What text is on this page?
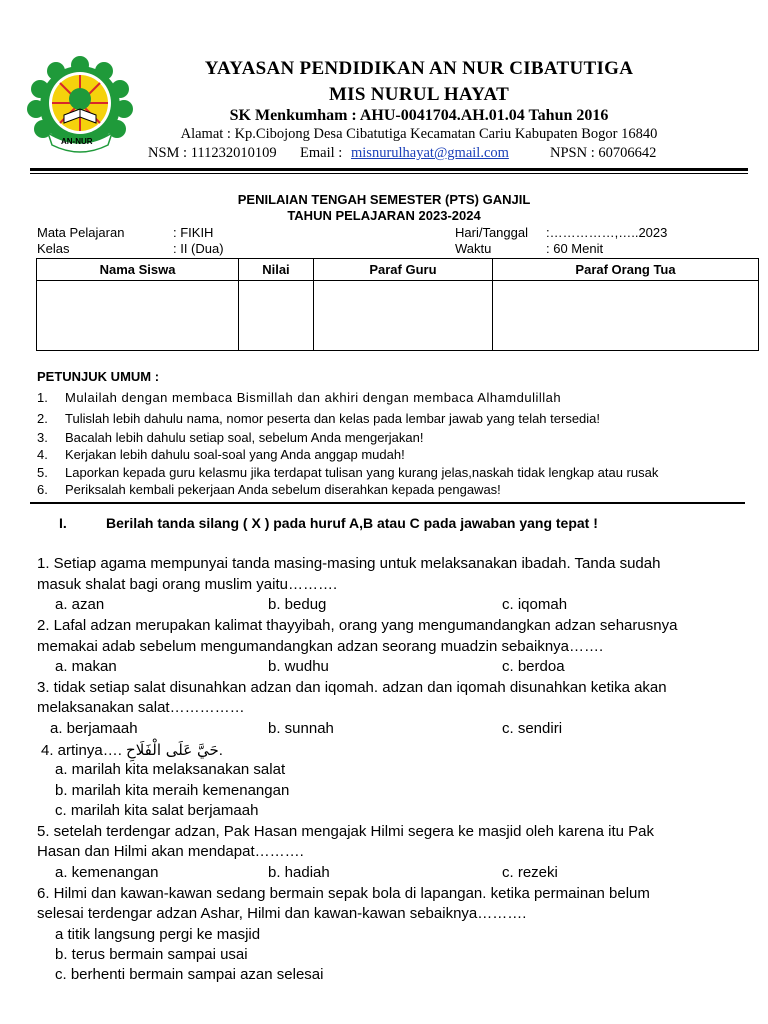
AN-NUR
YAYASAN PENDIDIKAN AN NUR CIBATUTIGA
MIS NURUL HAYAT
SK Menkumham : AHU-0041704.AH.01.04 Tahun 2016
Alamat : Kp.Cibojong Desa Cibatutiga Kecamatan Cariu Kabupaten Bogor 16840
NSM : 111232010109 Email : misnurulhayat@gmail.com	NPSN : 60706642
PENILAIAN TENGAH SEMESTER (PTS) GANJIL
TAHUN PELAJARAN 2023-2024
Mata Pelajaran	: FIKIH	Hari/Tanggal :……………,…..2023
Kelas	: II (Dua)	Waktu	: 60 Menit
Nama Siswa	Nilai	Paraf Guru	Paraf Orang Tua

PETUNJUK UMUM :
1. Mulailah dengan membaca Bismillah dan akhiri dengan membaca Alhamdulillah
2. Tulislah lebih dahulu nama, nomor peserta dan kelas pada lembar jawab yang telah tersedia!
3. Bacalah lebih dahulu setiap soal, sebelum Anda mengerjakan!
4. Kerjakan lebih dahulu soal-soal yang Anda anggap mudah!
5. Laporkan kepada guru kelasmu jika terdapat tulisan yang kurang jelas,naskah tidak lengkap atau rusak
6. Periksalah kembali pekerjaan Anda sebelum diserahkan kepada pengawas!
I.	Berilah tanda silang ( X ) pada huruf A,B atau C pada jawaban yang tepat !
1. Setiap agama mempunyai tanda masing-masing untuk melaksanakan ibadah. Tanda sudah
masuk shalat bagi orang muslim yaitu……….
a. azan	b. bedug	c. iqomah
2. Lafal adzan merupakan kalimat thayyibah, orang yang mengumandangkan adzan seharusnya
memakai adab sebelum mengumandangkan adzan seorang muadzin sebaiknya…….
a. makan	b. wudhu	c. berdoa
3. tidak setiap salat disunahkan adzan dan iqomah. adzan dan iqomah disunahkan ketika akan
melaksanakan salat……………
a. berjamaah	b. sunnah	c. sendiri
4. artinya…. حَيَّ عَلَى الْفَلَاحِ.
a. marilah kita melaksanakan salat
b. marilah kita meraih kemenangan
c. marilah kita salat berjamaah
5. setelah terdengar adzan, Pak Hasan mengajak Hilmi segera ke masjid oleh karena itu Pak
Hasan dan Hilmi akan mendapat……….
a. kemenangan	b. hadiah	c. rezeki
6. Hilmi dan kawan-kawan sedang bermain sepak bola di lapangan. ketika permainan belum
selesai terdengar adzan Ashar, Hilmi dan kawan-kawan sebaiknya……….
a titik langsung pergi ke masjid
b. terus bermain sampai usai
c. berhenti bermain sampai azan selesai
